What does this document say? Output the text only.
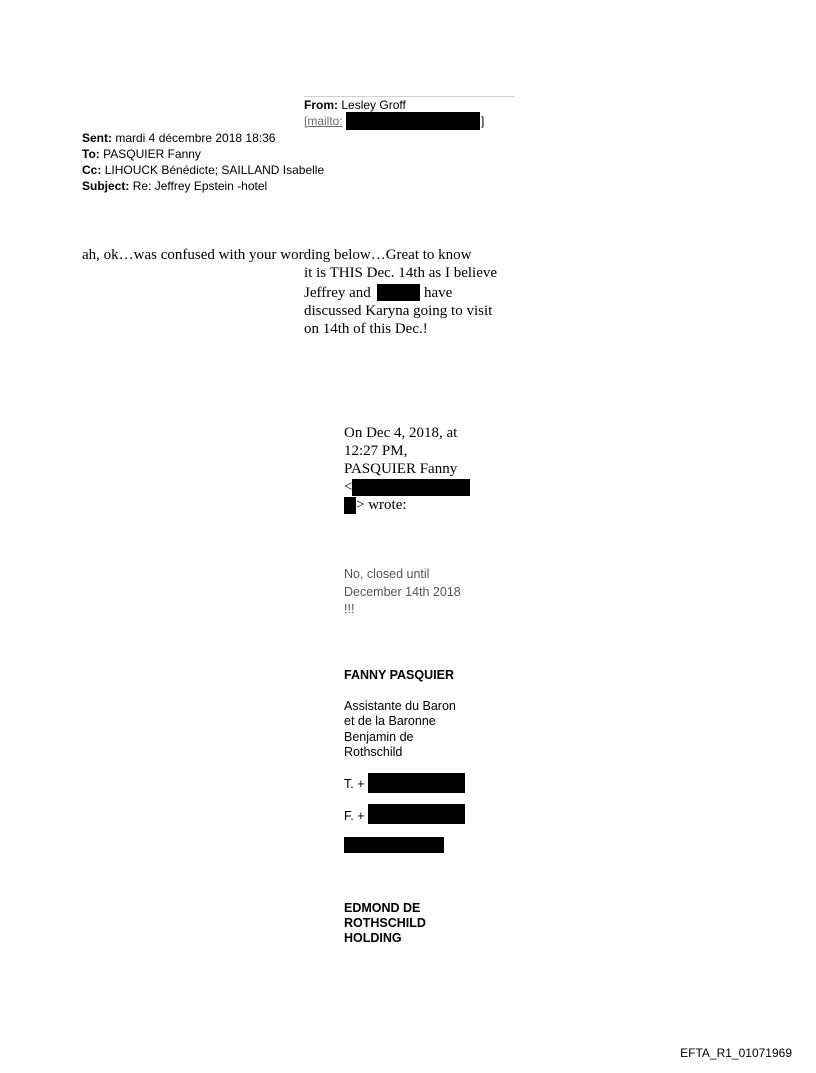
From: Lesley Groff
[mailto:	]
Sent: mardi 4 décembre 2018 18:36
To: PASQUIER Fanny
Cc: LIHOUCK Bénédicte; SAILLAND Isabelle
Subject: Re: Jeffrey Epstein -hotel
ah, ok…was confused with your wording below…Great to know
it is THIS Dec. 14th as I believe
Jeffrey and	have
discussed Karyna going to visit
on 14th of this Dec.!
On Dec 4, 2018, at
12:27 PM,
PASQUIER Fanny
<
> wrote:
No, closed until
December 14th 2018
!!!
FANNY PASQUIER
Assistante du Baron
et de la Baronne
Benjamin de
Rothschild
T. +
F. +
EDMOND DE
ROTHSCHILD
HOLDING
EFTA_R1_01071969
